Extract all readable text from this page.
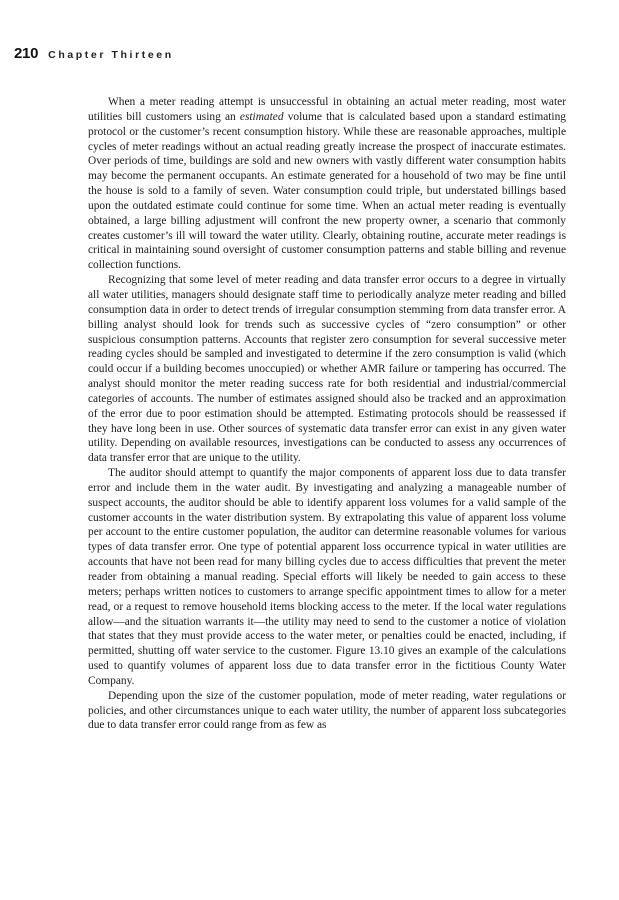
210 Chapter Thirteen

When a meter reading attempt is unsuccessful in obtaining an actual meter reading, most water utilities bill customers using an estimated volume that is calculated based upon a standard estimating protocol or the customer’s recent consumption history. While these are reasonable approaches, multiple cycles of meter readings without an actual reading greatly increase the prospect of inaccurate estimates. Over periods of time, buildings are sold and new owners with vastly different water consumption habits may become the permanent occupants. An estimate generated for a household of two may be fine until the house is sold to a family of seven. Water consumption could triple, but understated billings based upon the outdated estimate could continue for some time. When an actual meter reading is eventually obtained, a large billing adjustment will confront the new property owner, a scenario that commonly creates customer’s ill will toward the water utility. Clearly, obtaining routine, accurate meter readings is critical in maintaining sound oversight of customer consumption patterns and stable billing and revenue collection functions.

Recognizing that some level of meter reading and data transfer error occurs to a degree in virtually all water utilities, managers should designate staff time to periodically analyze meter reading and billed consumption data in order to detect trends of irregular consumption stemming from data transfer error. A billing analyst should look for trends such as successive cycles of “zero consumption” or other suspicious consumption patterns. Accounts that register zero consumption for several successive meter reading cycles should be sampled and investigated to determine if the zero consumption is valid (which could occur if a building becomes unoccupied) or whether AMR failure or tampering has occurred. The analyst should monitor the meter reading success rate for both residential and industrial/commercial categories of accounts. The number of estimates assigned should also be tracked and an approximation of the error due to poor estimation should be attempted. Estimating protocols should be reassessed if they have long been in use. Other sources of systematic data transfer error can exist in any given water utility. Depending on available resources, investigations can be conducted to assess any occurrences of data transfer error that are unique to the utility.

The auditor should attempt to quantify the major components of apparent loss due to data transfer error and include them in the water audit. By investigating and analyzing a manageable number of suspect accounts, the auditor should be able to identify apparent loss volumes for a valid sample of the customer accounts in the water distribution system. By extrapolating this value of apparent loss volume per account to the entire customer population, the auditor can determine reasonable volumes for various types of data transfer error. One type of potential apparent loss occurrence typical in water utilities are accounts that have not been read for many billing cycles due to access difficulties that prevent the meter reader from obtaining a manual reading. Special efforts will likely be needed to gain access to these meters; perhaps written notices to customers to arrange specific appointment times to allow for a meter read, or a request to remove household items blocking access to the meter. If the local water regulations allow—and the situation warrants it—the utility may need to send to the customer a notice of violation that states that they must provide access to the water meter, or penalties could be enacted, including, if permitted, shutting off water service to the customer. Figure 13.10 gives an example of the calculations used to quantify volumes of apparent loss due to data transfer error in the fictitious County Water Company.

Depending upon the size of the customer population, mode of meter reading, water regulations or policies, and other circumstances unique to each water utility, the number of apparent loss subcategories due to data transfer error could range from as few as
